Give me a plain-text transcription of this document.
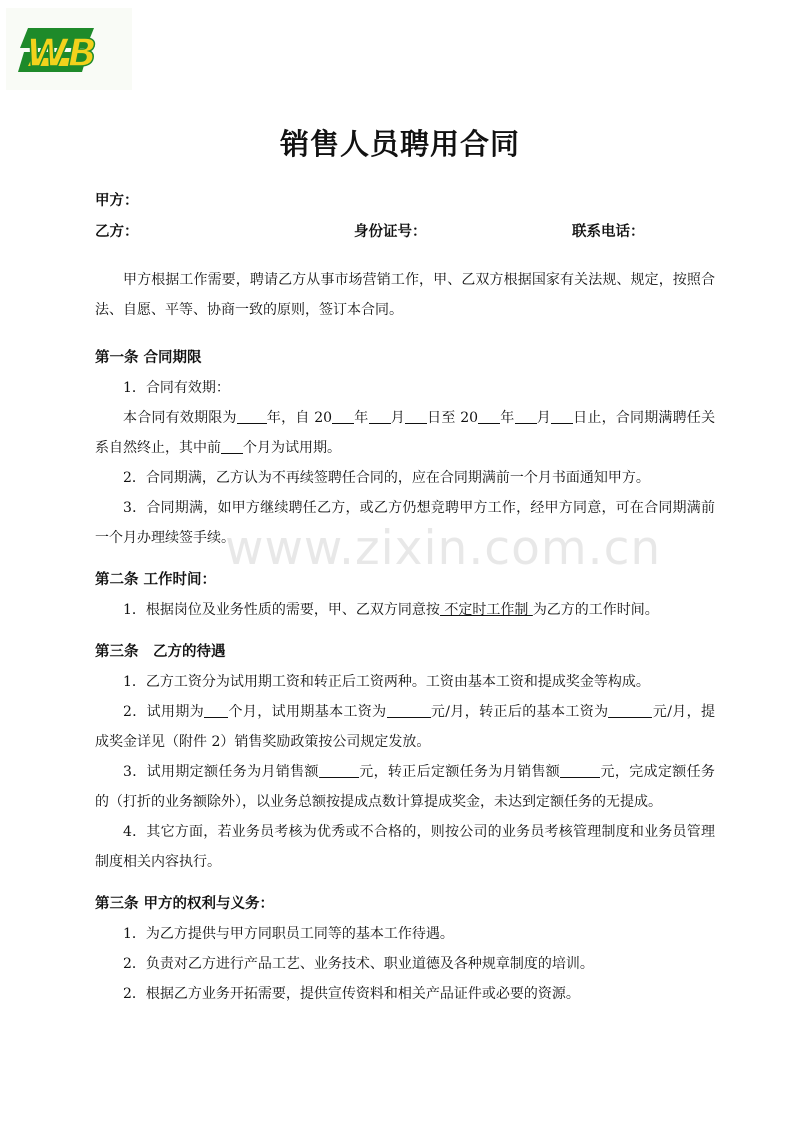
WB
销售人员聘用合同
甲方：
乙方：	身份证号：	联系电话：

甲方根据工作需要，聘请乙方从事市场营销工作，甲、乙双方根据国家有关法规、规定，按照合法、自愿、平等、协商一致的原则，签订本合同。

第一条 合同期限

1．合同有效期：

本合同有效期限为 年，自 20 年 月 日至 20 年 月 日止，合同期满聘任关系自然终止，其中前 个月为试用期。

2．合同期满，乙方认为不再续签聘任合同的，应在合同期满前一个月书面通知甲方。

3．合同期满，如甲方继续聘任乙方，或乙方仍想竞聘甲方工作，经甲方同意，可在合同期满前一个月办理续签手续。

第二条 工作时间：

1．根据岗位及业务性质的需要，甲、乙双方同意按 不定时工作制 为乙方的工作时间。

第三条　乙方的待遇

1．乙方工资分为试用期工资和转正后工资两种。工资由基本工资和提成奖金等构成。

2．试用期为 个月，试用期基本工资为	元/月，转正后的基本工资为	元/月，提成奖金详见（附件 2）销售奖励政策按公司规定发放。

3．试用期定额任务为月销售额	元，转正后定额任务为月销售额	元，完成定额任务的（打折的业务额除外），以业务总额按提成点数计算提成奖金，未达到定额任务的无提成。

4．其它方面，若业务员考核为优秀或不合格的，则按公司的业务员考核管理制度和业务员管理制度相关内容执行。

第三条 甲方的权利与义务：

1．为乙方提供与甲方同职员工同等的基本工作待遇。

2．负责对乙方进行产品工艺、业务技术、职业道德及各种规章制度的培训。

2．根据乙方业务开拓需要，提供宣传资料和相关产品证件或必要的资源。

www.zixin.com.cn
